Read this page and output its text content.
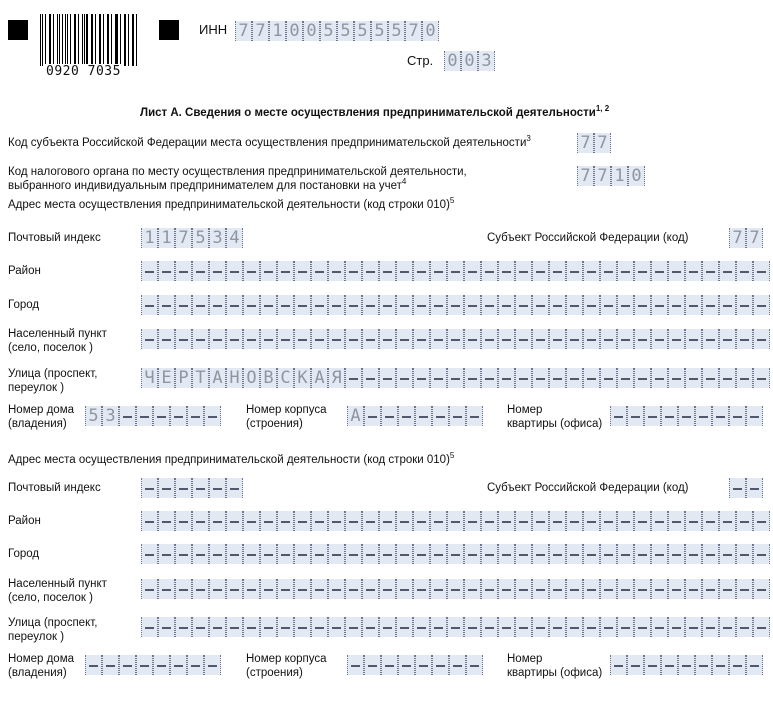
0920 7035
ИНН 7 7 1 0 0 5 5 5 5 5 7 0
Стр. 0 0 3
Лист А. Сведения о месте осуществления предпринимательской деятельности$^{1, 2}$
Код субъекта Российской Федерации места осуществления предпринимательской деятельности$^3$	7 7
Код налогового органа по месту осуществления предпринимательской деятельности,
выбранного индивидуальным предпринимателем для постановки на учет$^4$	7 7 1 0
Адрес места осуществления предпринимательской деятельности (код строки 010)$^5$
Почтовый индекс	1 1 7 5 3 4	Субъект Российской Федерации (код)	7 7
Район
Город
Населенный пункт
(село, поселок )
Улица (проспект,
переулок )	Ч Е Р Т А Н О В С К А Я
Номер дома
(владения) 5 3	Номер корпуса
(строения)	А	Номер
квартиры (офиса)
Адрес места осуществления предпринимательской деятельности (код строки 010)$^5$
Почтовый индекс	Субъект Российской Федерации (код)
Район
Город
Населенный пункт
(село, поселок )
Улица (проспект,
переулок )
Номер дома
(владения)
Номер корпуса
(строения)
Номер
квартиры (офиса)
